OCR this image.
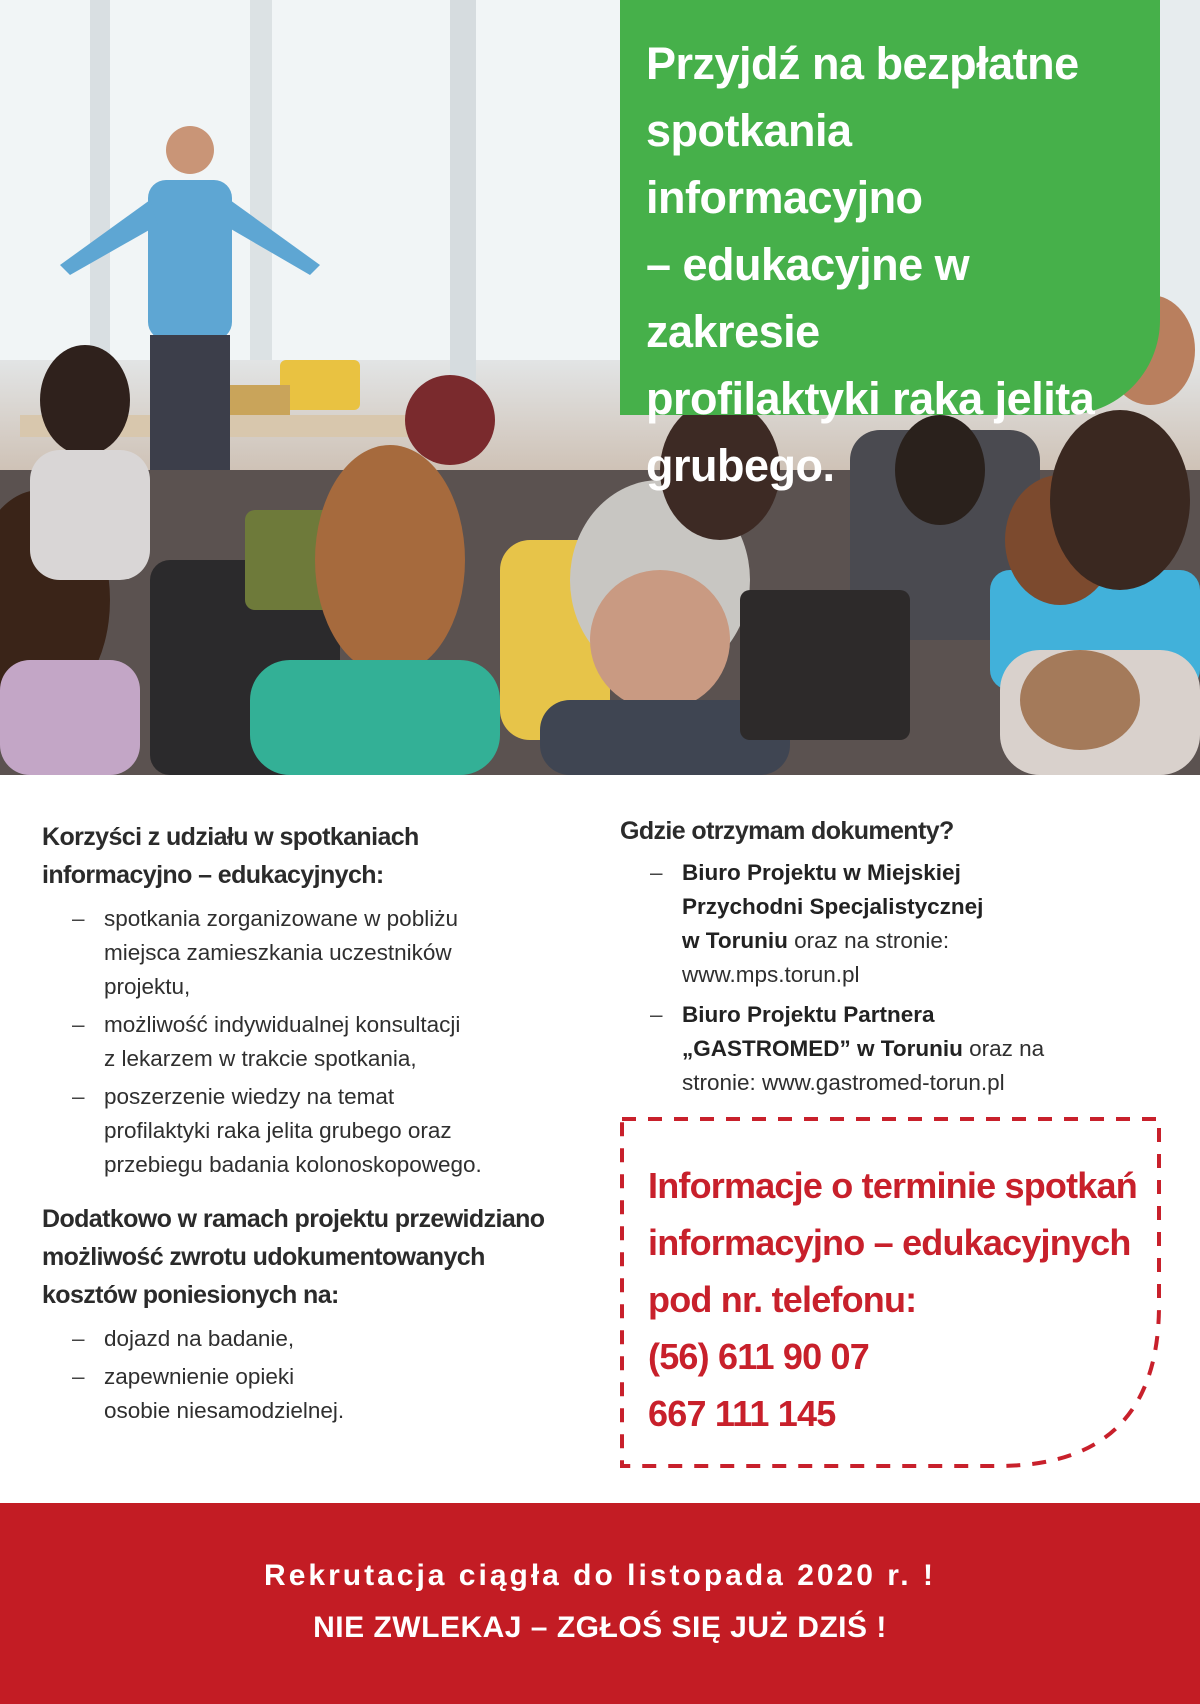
Przyjdź na bezpłatne
spotkania informacyjno
– edukacyjne w zakresie
profilaktyki raka jelita
grubego.
Korzyści z udziału w spotkaniach
informacyjno – edukacyjnych:
– spotkania zorganizowane w pobliżu
miejsca zamieszkania uczestników
projektu,
– możliwość indywidualnej konsultacji
z lekarzem w trakcie spotkania,
– poszerzenie wiedzy na temat
profilaktyki raka jelita grubego oraz
przebiegu badania kolonoskopowego.
Dodatkowo w ramach projektu przewidziano
możliwość zwrotu udokumentowanych
kosztów poniesionych na:
– dojazd na badanie,
– zapewnienie opieki
osobie niesamodzielnej.
Gdzie otrzymam dokumenty?
– Biuro Projektu w Miejskiej
Przychodni Specjalistycznej
w Toruniu oraz na stronie:
www.mps.torun.pl
– Biuro Projektu Partnera
„GASTROMED” w Toruniu oraz na
stronie: www.gastromed-torun.pl
Informacje o terminie spotkań
informacyjno – edukacyjnych
pod nr. telefonu:
(56) 611 90 07
667 111 145
Rekrutacja ciągła do listopada 2020 r. !
NIE ZWLEKAJ – ZGŁOŚ SIĘ JUŻ DZIŚ !
